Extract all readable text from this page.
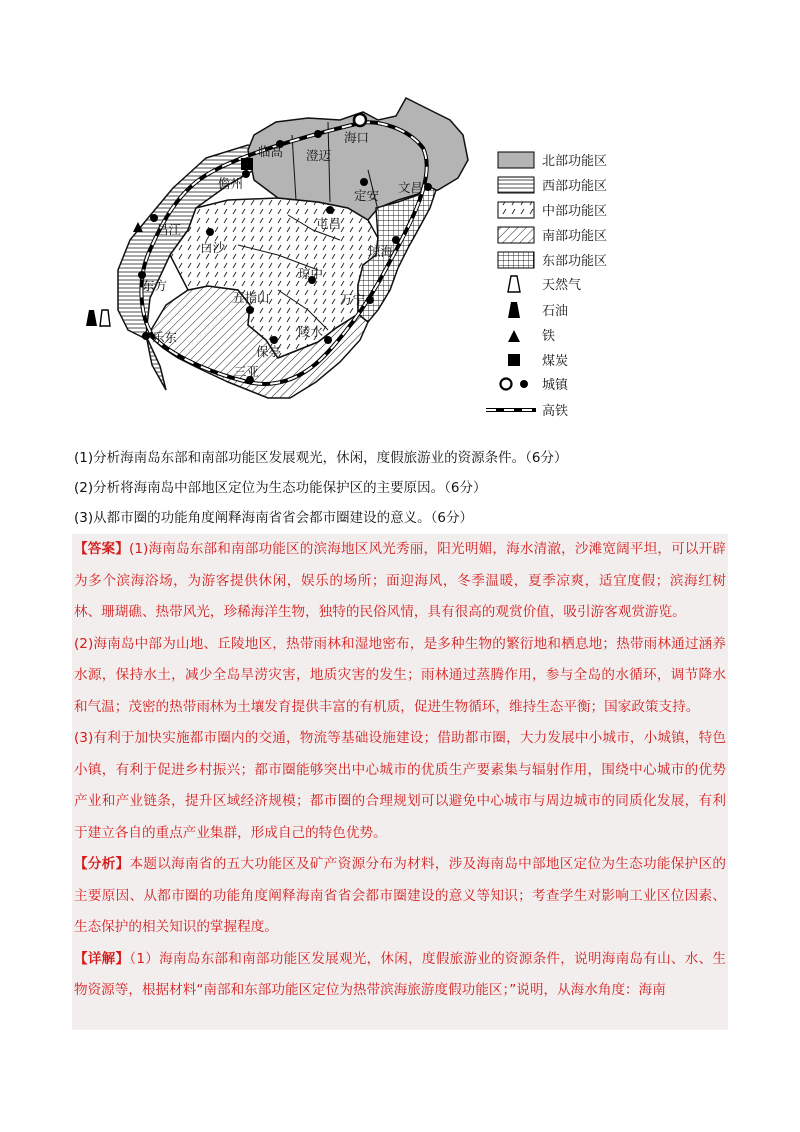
海口
澄迈
临高
儋州
定安
文昌
屯昌
琼海
昌江
白沙
琼中
东方
五指山	万宁
乐东	陵水
保亭
三亚
北部功能区
西部功能区
中部功能区
南部功能区
东部功能区
天然气
石油
铁
煤炭
城镇
高铁
(1)分析海南岛东部和南部功能区发展观光，休闲，度假旅游业的资源条件。（6分）
(2)分析将海南岛中部地区定位为生态功能保护区的主要原因。（6分）
(3)从都市圈的功能角度阐释海南省省会都市圈建设的意义。（6分）

【答案】(1)海南岛东部和南部功能区的滨海地区风光秀丽，阳光明媚，海水清澈，沙滩宽阔平坦，可以开辟为多个滨海浴场，为游客提供休闲，娱乐的场所；面迎海风，冬季温暖，夏季凉爽，适宜度假；滨海红树林、珊瑚礁、热带风光，珍稀海洋生物，独特的民俗风情，具有很高的观赏价值，吸引游客观赏游览。

(2)海南岛中部为山地、丘陵地区，热带雨林和湿地密布，是多种生物的繁衍地和栖息地；热带雨林通过涵养水源，保持水土，减少全岛旱涝灾害，地质灾害的发生；雨林通过蒸腾作用，参与全岛的水循环，调节降水和气温；茂密的热带雨林为土壤发育提供丰富的有机质，促进生物循环，维持生态平衡；国家政策支持。

(3)有利于加快实施都市圈内的交通，物流等基础设施建设；借助都市圈，大力发展中小城市，小城镇，特色小镇，有利于促进乡村振兴；都市圈能够突出中心城市的优质生产要素集与辐射作用，围绕中心城市的优势产业和产业链条，提升区域经济规模；都市圈的合理规划可以避免中心城市与周边城市的同质化发展，有利于建立各自的重点产业集群，形成自己的特色优势。

【分析】本题以海南省的五大功能区及矿产资源分布为材料，涉及海南岛中部地区定位为生态功能保护区的主要原因、从都市圈的功能角度阐释海南省省会都市圈建设的意义等知识；考查学生对影响工业区位因素、生态保护的相关知识的掌握程度。

【详解】（1）海南岛东部和南部功能区发展观光，休闲，度假旅游业的资源条件，说明海南岛有山、水、生物资源等，根据材料“南部和东部功能区定位为热带滨海旅游度假功能区；”说明，从海水角度：海南
